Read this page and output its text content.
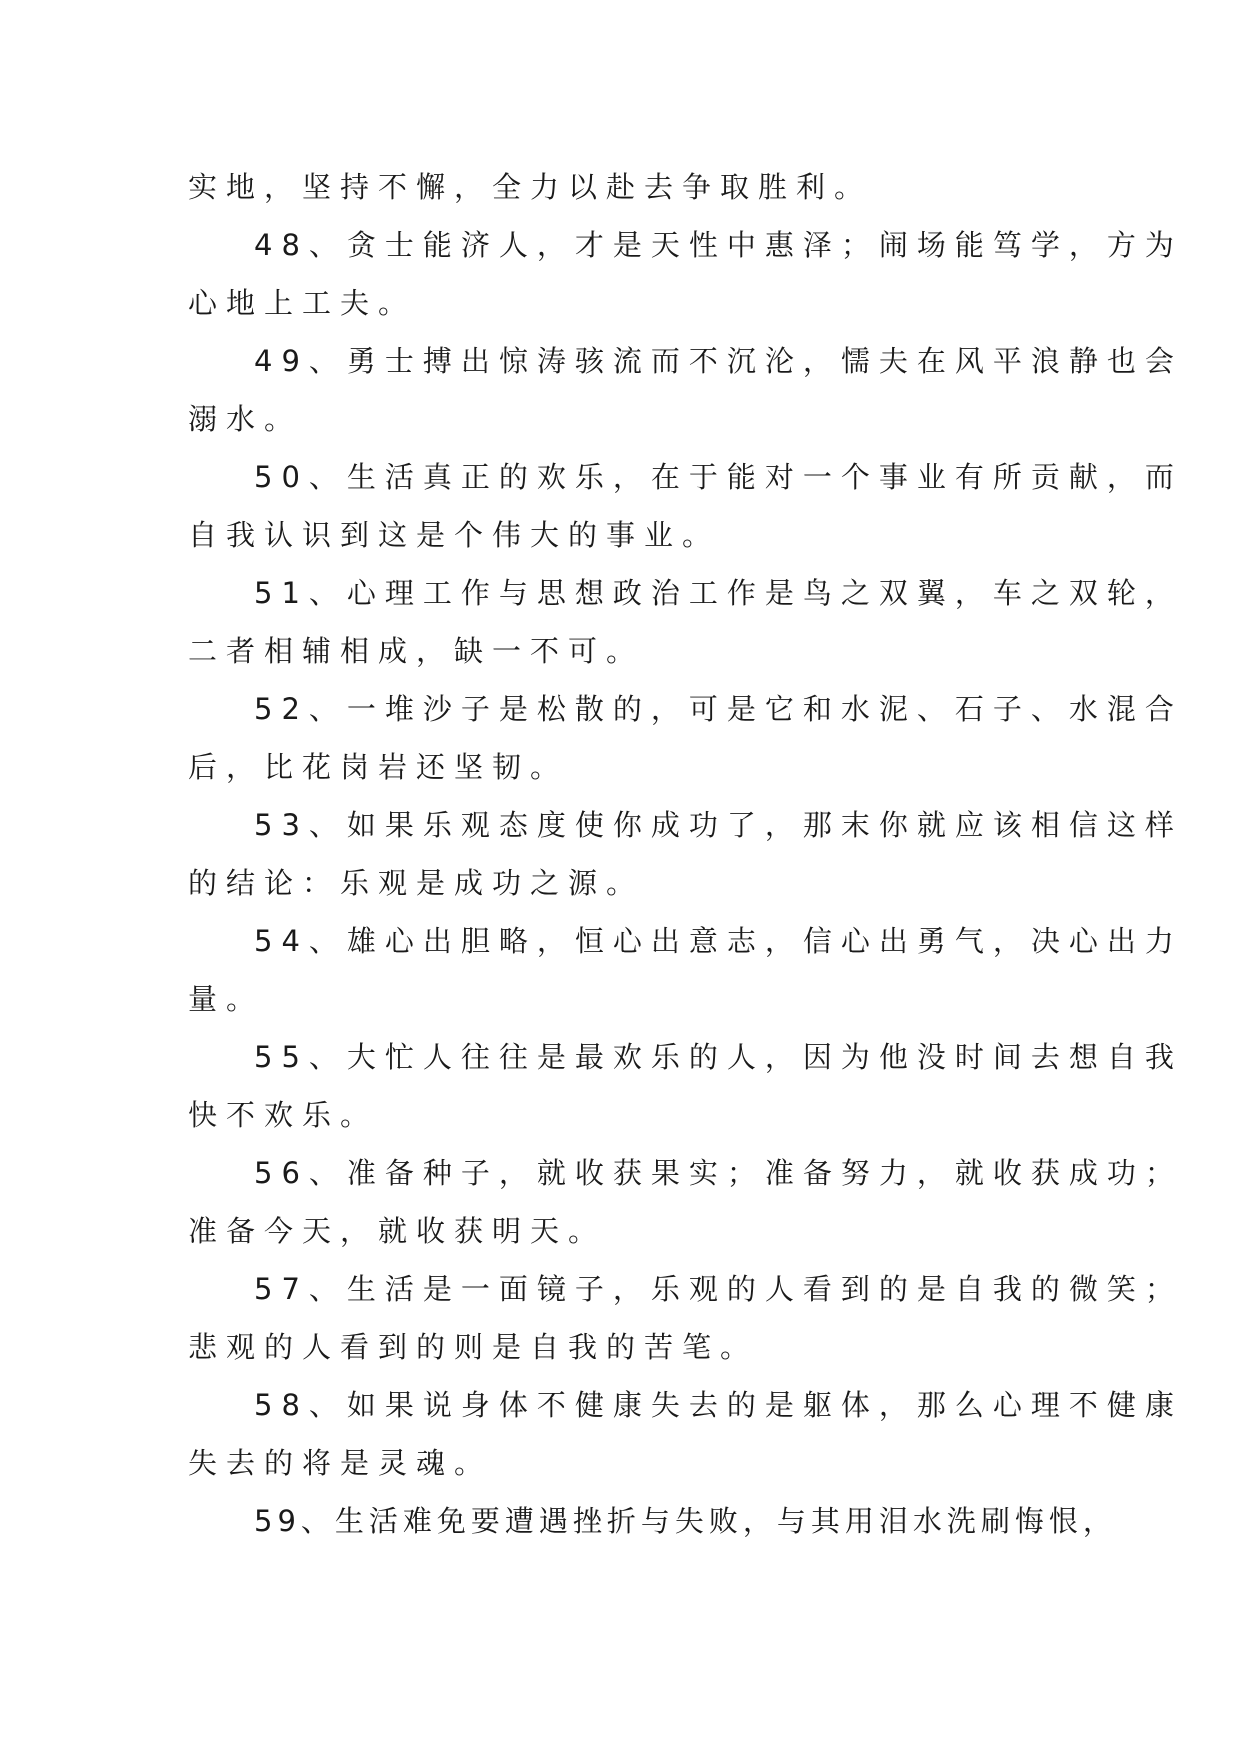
实地，坚持不懈，全力以赴去争取胜利。
48、贪士能济人，才是天性中惠泽；闹场能笃学，方为
心地上工夫。
49、勇士搏出惊涛骇流而不沉沦，懦夫在风平浪静也会
溺水。
50、生活真正的欢乐，在于能对一个事业有所贡献，而
自我认识到这是个伟大的事业。
51、心理工作与思想政治工作是鸟之双翼，车之双轮，
二者相辅相成，缺一不可。
52、一堆沙子是松散的，可是它和水泥、石子、水混合
后，比花岗岩还坚韧。
53、如果乐观态度使你成功了，那末你就应该相信这样
的结论：乐观是成功之源。
54、雄心出胆略，恒心出意志，信心出勇气，决心出力
量。
55、大忙人往往是最欢乐的人，因为他没时间去想自我
快不欢乐。
56、准备种子，就收获果实；准备努力，就收获成功；
准备今天，就收获明天。
57、生活是一面镜子，乐观的人看到的是自我的微笑；
悲观的人看到的则是自我的苦笔。
58、如果说身体不健康失去的是躯体，那么心理不健康
失去的将是灵魂。
59、生活难免要遭遇挫折与失败，与其用泪水洗刷悔恨，
